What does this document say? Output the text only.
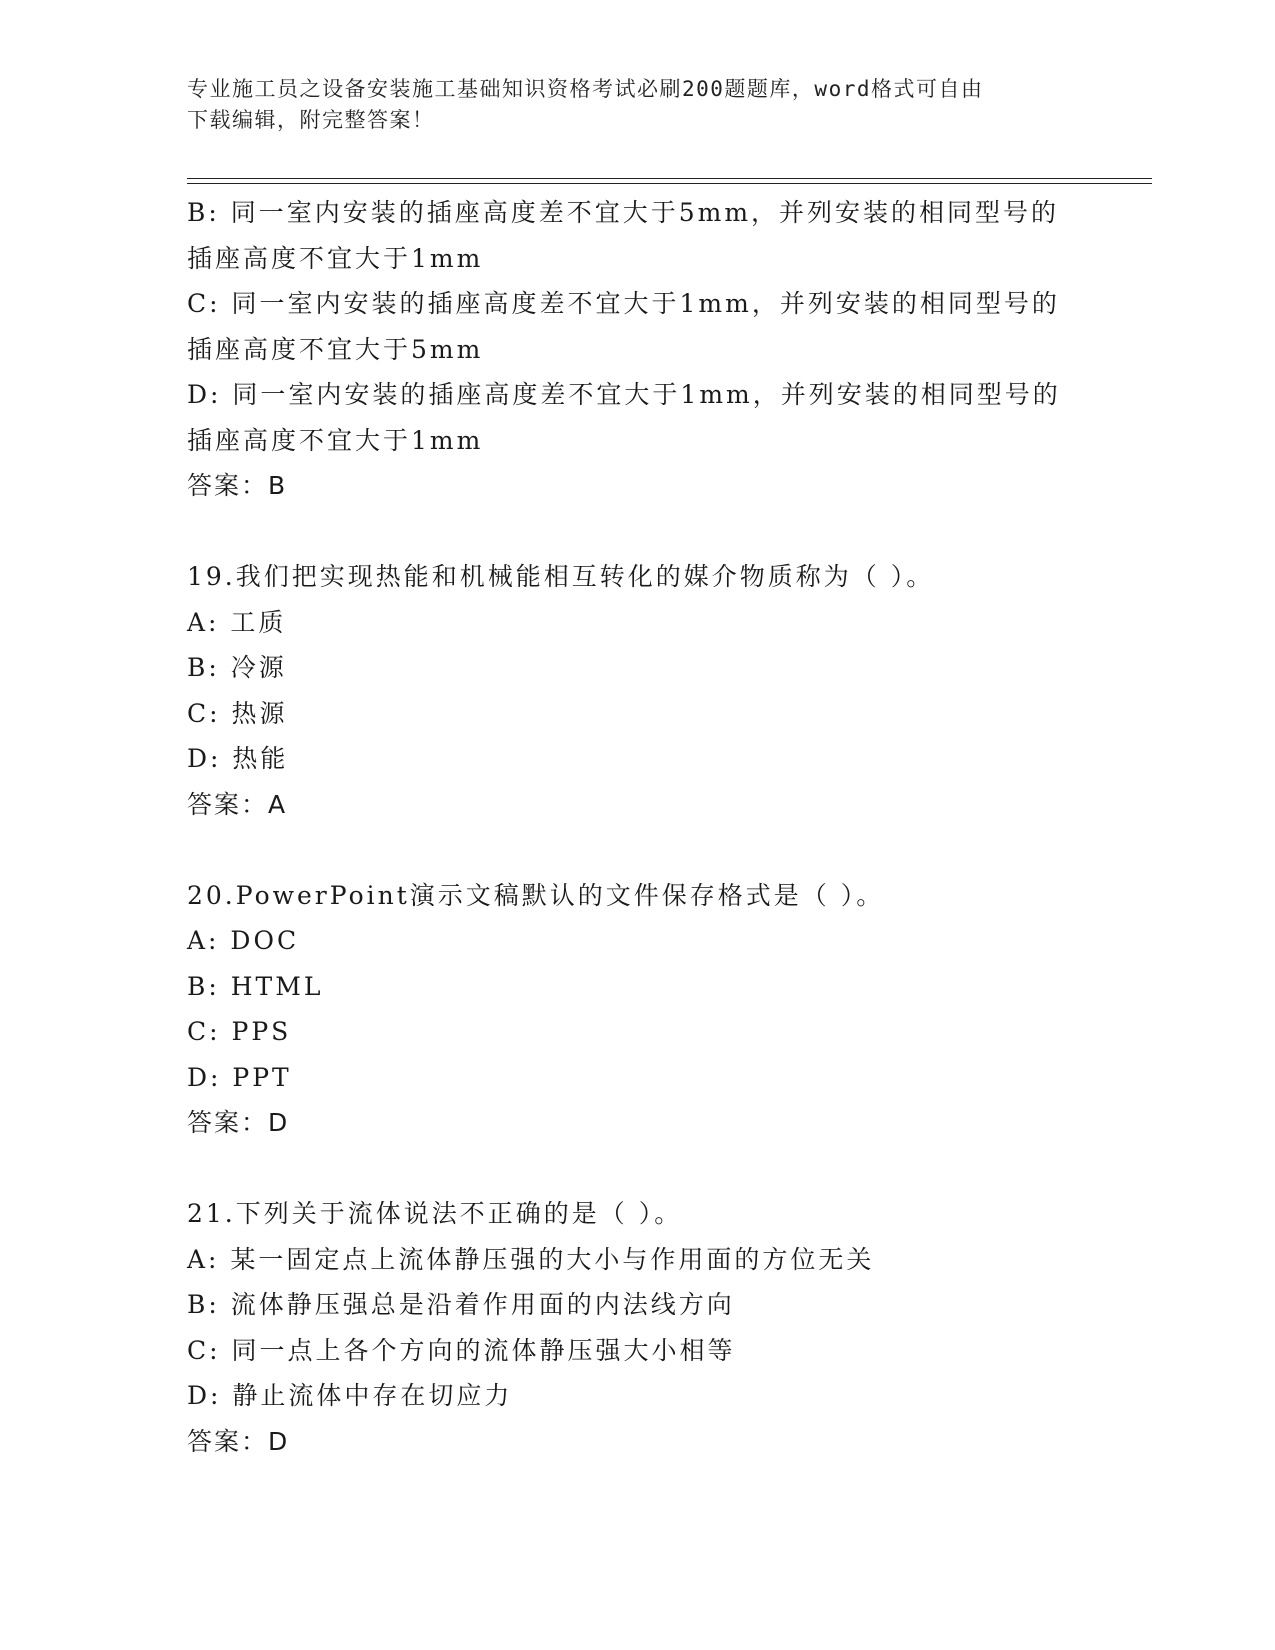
专业施工员之设备安装施工基础知识资格考试必刷200题题库，word格式可自由
下载编辑，附完整答案！
B: 同一室内安装的插座高度差不宜大于5mm，并列安装的相同型号的
插座高度不宜大于1mm
C: 同一室内安装的插座高度差不宜大于1mm，并列安装的相同型号的
插座高度不宜大于5mm
D: 同一室内安装的插座高度差不宜大于1mm，并列安装的相同型号的
插座高度不宜大于1mm
答案：B
19.我们把实现热能和机械能相互转化的媒介物质称为（ ）。
A: 工质
B: 冷源
C: 热源
D: 热能
答案：A
20.PowerPoint演示文稿默认的文件保存格式是（ ）。
A: DOC
B: HTML
C: PPS
D: PPT
答案：D
21.下列关于流体说法不正确的是（ ）。
A: 某一固定点上流体静压强的大小与作用面的方位无关
B: 流体静压强总是沿着作用面的内法线方向
C: 同一点上各个方向的流体静压强大小相等
D: 静止流体中存在切应力
答案：D
